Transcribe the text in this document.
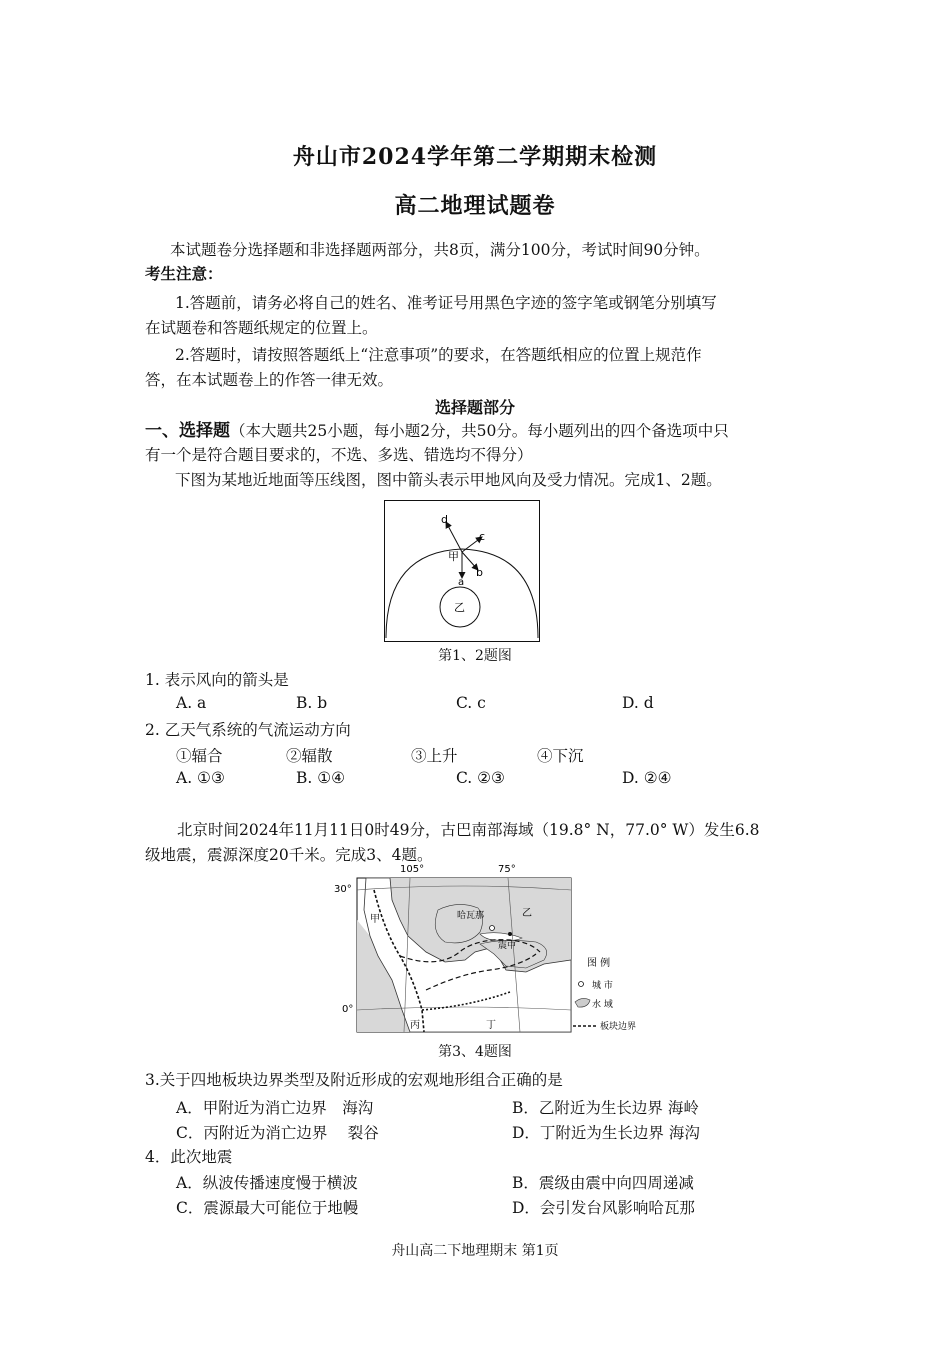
舟山市2024学年第二学期期末检测
高二地理试题卷
本试题卷分选择题和非选择题两部分，共8页，满分100分，考试时间90分钟。
考生注意：
1.答题前，请务必将自己的姓名、准考证号用黑色字迹的签字笔或钢笔分别填写
在试题卷和答题纸规定的位置上。
2.答题时，请按照答题纸上“注意事项”的要求，在答题纸相应的位置上规范作
答，在本试题卷上的作答一律无效。
选择题部分
一、选择题（本大题共25小题，每小题2分，共50分。每小题列出的四个备选项中只
有一个是符合题目要求的，不选、多选、错选均不得分）
下图为某地近地面等压线图，图中箭头表示甲地风向及受力情况。完成1、2题。
d
c
甲
b
a
乙
第1、2题图
1. 表示风向的箭头是
A. a	B. b	C. c	D. d
2. 乙天气系统的气流运动方向
①辐合	②辐散	③上升	④下沉
A. ①③	B. ①④	C. ②③	D. ②④
北京时间2024年11月11日0时49分，古巴南部海域（19.8° N，77.0° W）发生6.8
级地震，震源深度20千米。完成3、4题。
105°	75°
30°
0°
甲
乙
丙	丁
哈瓦那
震中
图 例
城 市
水 域
板块边界
第3、4题图
3.关于四地板块边界类型及附近形成的宏观地形组合正确的是
A．甲附近为消亡边界　海沟	B．乙附近为生长边界 海岭
C．丙附近为消亡边界　 裂谷	D．丁附近为生长边界 海沟
4．此次地震
A．纵波传播速度慢于横波	B．震级由震中向四周递减
C．震源最大可能位于地幔	D．会引发台风影响哈瓦那
舟山高二下地理期末 第1页
